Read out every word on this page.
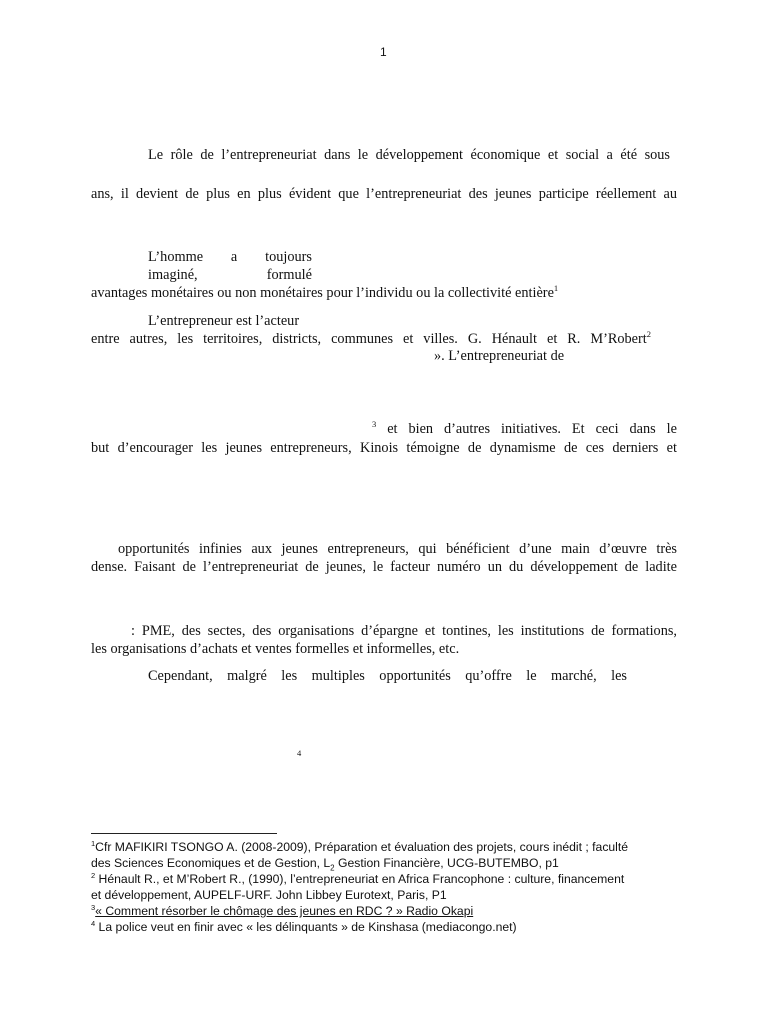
1
Le rôle de l’entrepreneuriat dans le développement économique et social a été sous
ans, il devient de plus en plus évident que l’entrepreneuriat des jeunes participe réellement au
L’homme a toujours imaginé, formulé
avantages monétaires ou non monétaires pour l’individu ou la collectivité entière$^1$
L’entrepreneur est l’acteur
entre autres, les territoires, districts, communes et villes. G. Hénault et R. M’Robert$^2$
». L’entrepreneuriat de
$^3$ et bien d’autres initiatives. Et ceci dans le
but d’encourager les jeunes entrepreneurs, Kinois témoigne de dynamisme de ces derniers et
opportunités infinies aux jeunes entrepreneurs, qui bénéficient d’une main d’œuvre très
dense. Faisant de l’entrepreneuriat de jeunes, le facteur numéro un du développement de ladite
: PME, des sectes, des organisations d’épargne et tontines, les institutions de formations,
les organisations d’achats et ventes formelles et informelles, etc.
Cependant, malgré les multiples opportunités qu’offre le marché, les
4
$^1$Cfr MAFIKIRI TSONGO A. (2008-2009), Préparation et évaluation des projets, cours inédit ; faculté
des Sciences Economiques et de Gestion, $L_2$ Gestion Financière, UCG-BUTEMBO, p1
$^2$ Hénault R., et M’Robert R., (1990), l’entrepreneuriat en Africa Francophone : culture, financement
et développement, AUPELF-URF. John Libbey Eurotext, Paris, P1
$^3$« Comment résorber le chômage des jeunes en RDC ? » Radio Okapi
$^4$ La police veut en finir avec « les délinquants » de Kinshasa (mediacongo.net)
